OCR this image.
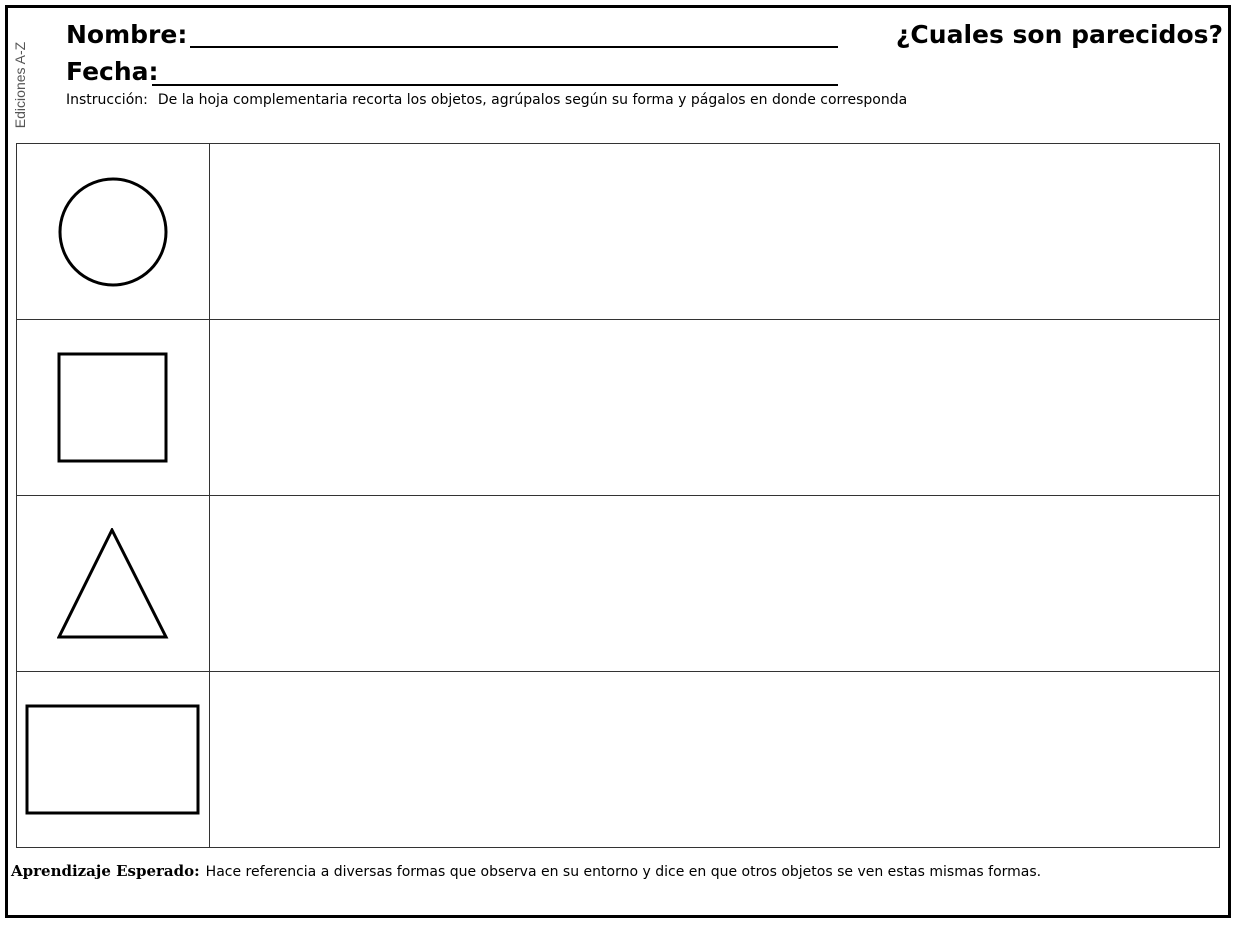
Ediciones A-Z
Nombre:
Fecha:
¿Cuales son parecidos?
Instrucción: De la hoja complementaria recorta los objetos, agrúpalos según su forma y págalos en donde corresponda

Aprendizaje Esperado: Hace referencia a diversas formas que observa en su entorno y dice en que otros objetos se ven estas mismas formas.
